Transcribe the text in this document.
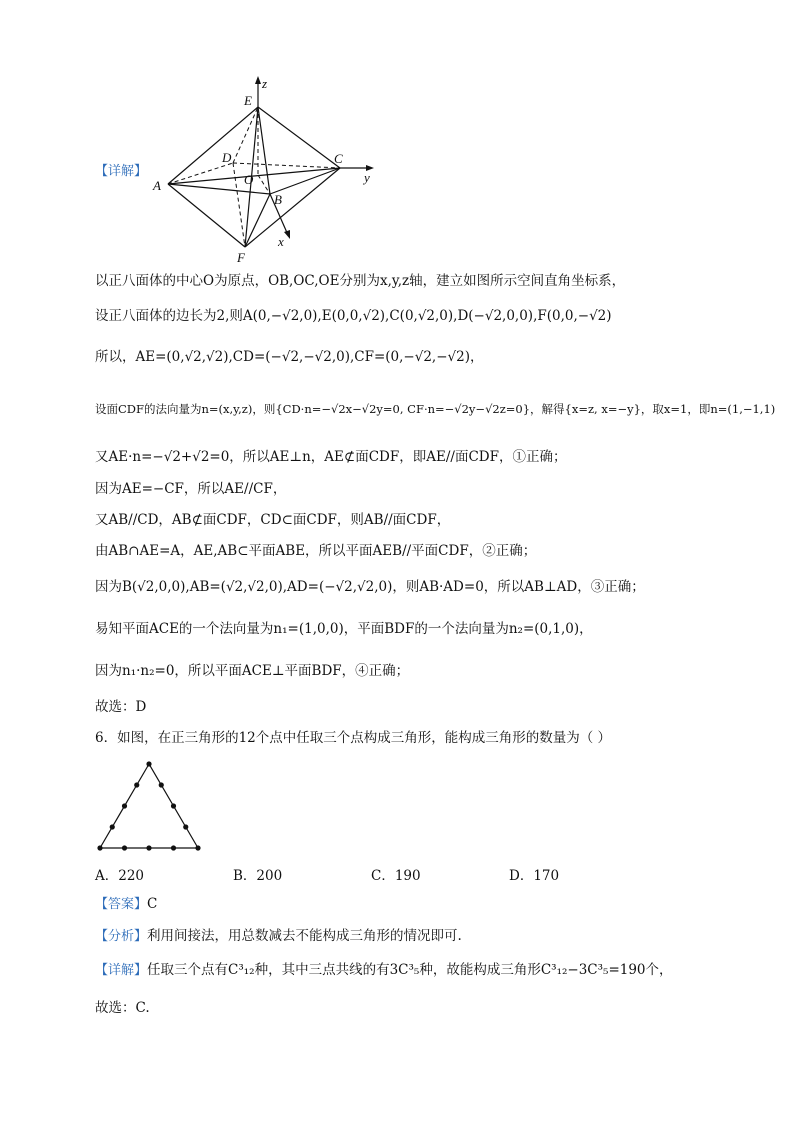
E
z
D	C
y
A	O
B
F
x
【详解】
以正八面体的中心O为原点，OB,OC,OE分别为x,y,z轴，建立如图所示空间直角坐标系，
设正八面体的边长为2,则A(0,−√2,0),E(0,0,√2),C(0,√2,0),D(−√2,0,0),F(0,0,−√2)
所以，AE=(0,√2,√2),CD=(−√2,−√2,0),CF=(0,−√2,−√2)，
设面CDF的法向量为n=(x,y,z)，则{CD·n=−√2x−√2y=0, CF·n=−√2y−√2z=0}，解得{x=z, x=−y}，取x=1，即n=(1,−1,1)
又AE·n=−√2+√2=0，所以AE⊥n，AE⊄面CDF，即AE//面CDF，①正确；
因为AE=−CF，所以AE//CF，
又AB//CD，AB⊄面CDF，CD⊂面CDF，则AB//面CDF，
由AB∩AE=A，AE,AB⊂平面ABE，所以平面AEB//平面CDF，②正确；
因为B(√2,0,0),AB=(√2,√2,0),AD=(−√2,√2,0)，则AB·AD=0，所以AB⊥AD，③正确；
易知平面ACE的一个法向量为n₁=(1,0,0)，平面BDF的一个法向量为n₂=(0,1,0)，
因为n₁·n₂=0，所以平面ACE⊥平面BDF，④正确；
故选：D
6．如图，在正三角形的12个点中任取三个点构成三角形，能构成三角形的数量为（ ）
A．220	B．200	C．190	D．170
【答案】C
【分析】利用间接法，用总数减去不能构成三角形的情况即可.
【详解】任取三个点有C³₁₂种，其中三点共线的有3C³₅种，故能构成三角形C³₁₂−3C³₅=190个，
故选：C.
